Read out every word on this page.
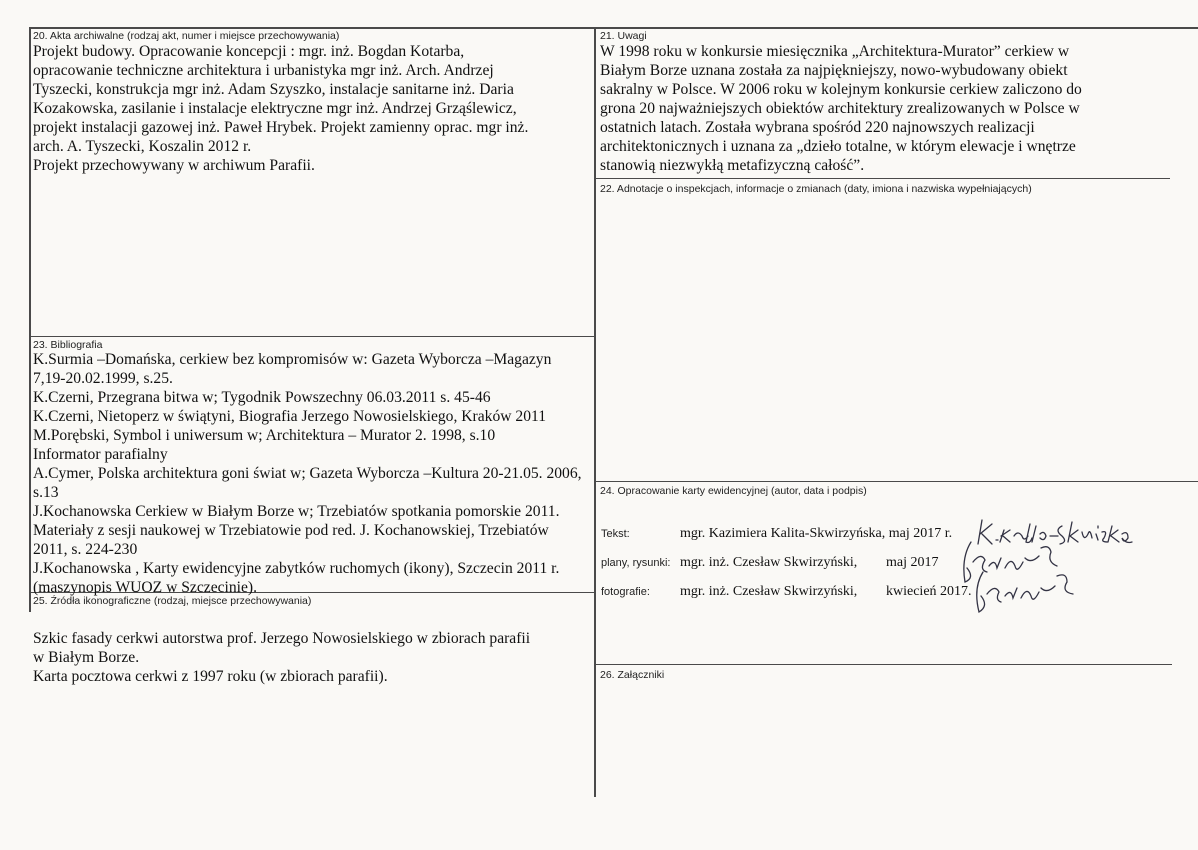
20. Akta archiwalne (rodzaj akt, numer i miejsce przechowywania)
Projekt budowy. Opracowanie koncepcji : mgr. inż. Bogdan Kotarba,
opracowanie techniczne architektura i urbanistyka mgr inż. Arch. Andrzej
Tyszecki, konstrukcja mgr inż. Adam Szyszko, instalacje sanitarne inż. Daria
Kozakowska, zasilanie i instalacje elektryczne mgr inż. Andrzej Grząślewicz,
projekt instalacji gazowej inż. Paweł Hrybek. Projekt zamienny oprac. mgr inż.
arch. A. Tyszecki, Koszalin 2012 r.
Projekt przechowywany w archiwum Parafii.
21. Uwagi
W 1998 roku w konkursie miesięcznika „Architektura-Murator” cerkiew w
Białym Borze uznana została za najpiękniejszy, nowo-wybudowany obiekt
sakralny w Polsce. W 2006 roku w kolejnym konkursie cerkiew zaliczono do
grona 20 najważniejszych obiektów architektury zrealizowanych w Polsce w
ostatnich latach. Została wybrana spośród 220 najnowszych realizacji
architektonicznych i uznana za „dzieło totalne, w którym elewacje i wnętrze
stanowią niezwykłą metafizyczną całość”.
22. Adnotacje o inspekcjach, informacje o zmianach (daty, imiona i nazwiska wypełniających)
23. Bibliografia
K.Surmia –Domańska, cerkiew bez kompromisów w: Gazeta Wyborcza –Magazyn
7,19-20.02.1999, s.25.
K.Czerni, Przegrana bitwa w; Tygodnik Powszechny 06.03.2011 s. 45-46
K.Czerni, Nietoperz w świątyni, Biografia Jerzego Nowosielskiego, Kraków 2011
M.Porębski, Symbol i uniwersum w; Architektura – Murator 2. 1998, s.10
Informator parafialny
A.Cymer, Polska architektura goni świat w; Gazeta Wyborcza –Kultura 20-21.05. 2006,
s.13
J.Kochanowska Cerkiew w Białym Borze w; Trzebiatów spotkania pomorskie 2011.
Materiały z sesji naukowej w Trzebiatowie pod red. J. Kochanowskiej, Trzebiatów
2011, s. 224-230
J.Kochanowska , Karty ewidencyjne zabytków ruchomych (ikony), Szczecin 2011 r.
(maszynopis WUOZ w Szczecinie).
24. Opracowanie karty ewidencyjnej (autor, data i podpis)
Tekst:	mgr. Kazimiera Kalita-Skwirzyńska, maj 2017 r.
plany, rysunki: mgr. inż. Czesław Skwirzyński, maj 2017
fotografie: mgr. inż. Czesław Skwirzyński, kwiecień 2017.
25. Źródła ikonograficzne (rodzaj, miejsce przechowywania)
Szkic fasady cerkwi autorstwa prof. Jerzego Nowosielskiego w zbiorach parafii
w Białym Borze.
Karta pocztowa cerkwi z 1997 roku (w zbiorach parafii).	26. Załączniki
